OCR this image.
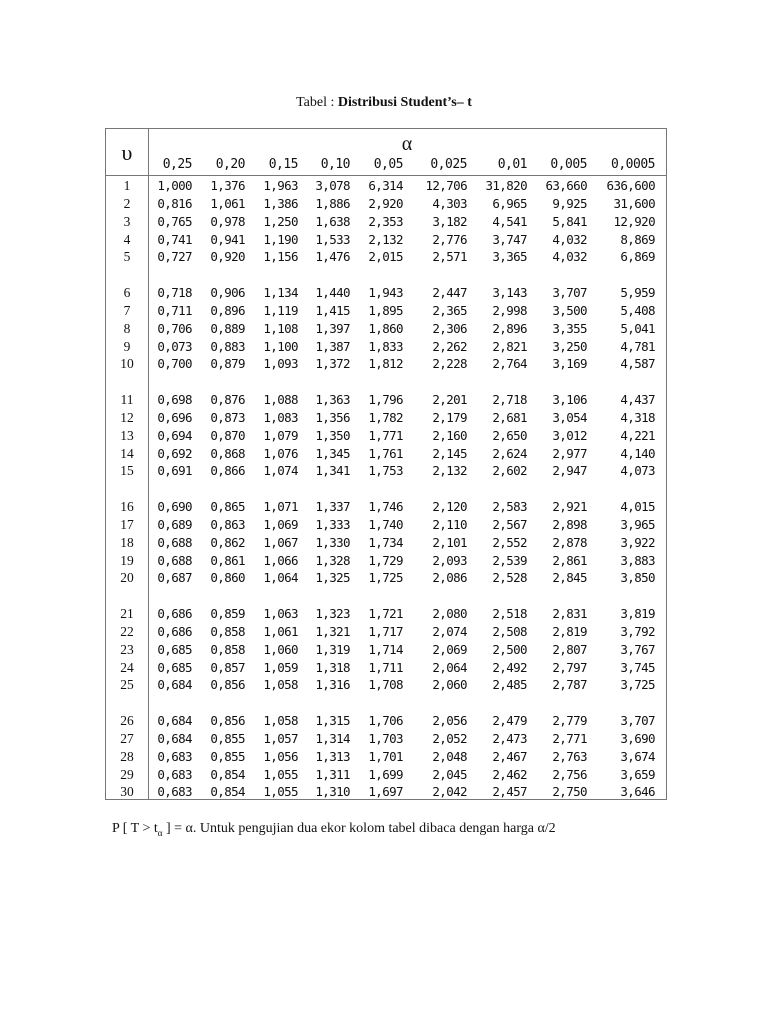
Tabel : Distribusi Student’s– t
υ	α
0,25 0,20 0,15 0,10 0,05 0,025 0,01 0,005 0,0005
1	1,000 1,376 1,963 3,078 6,314 12,706 31,820 63,660 636,600
2	0,816 1,061 1,386 1,886 2,920 4,303 6,965 9,925 31,600
3	0,765 0,978 1,250 1,638 2,353 3,182 4,541 5,841 12,920
4	0,741 0,941 1,190 1,533 2,132 2,776 3,747 4,032	8,869
5	0,727 0,920 1,156 1,476 2,015 2,571 3,365 4,032	6,869
6	0,718 0,906 1,134 1,440 1,943 2,447 3,143 3,707	5,959
7	0,711 0,896 1,119 1,415 1,895 2,365 2,998 3,500	5,408
8	0,706 0,889 1,108 1,397 1,860 2,306 2,896 3,355	5,041
9	0,073 0,883 1,100 1,387 1,833 2,262 2,821 3,250	4,781
10	0,700 0,879 1,093 1,372 1,812 2,228 2,764 3,169	4,587
11	0,698 0,876 1,088 1,363 1,796 2,201 2,718 3,106	4,437
12	0,696 0,873 1,083 1,356 1,782 2,179 2,681 3,054	4,318
13	0,694 0,870 1,079 1,350 1,771 2,160 2,650 3,012	4,221
14	0,692 0,868 1,076 1,345 1,761 2,145 2,624 2,977	4,140
15	0,691 0,866 1,074 1,341 1,753 2,132 2,602 2,947	4,073
16	0,690 0,865 1,071 1,337 1,746 2,120 2,583 2,921	4,015
17	0,689 0,863 1,069 1,333 1,740 2,110 2,567 2,898	3,965
18	0,688 0,862 1,067 1,330 1,734 2,101 2,552 2,878	3,922
19	0,688 0,861 1,066 1,328 1,729 2,093 2,539 2,861	3,883
20	0,687 0,860 1,064 1,325 1,725 2,086 2,528 2,845	3,850
21	0,686 0,859 1,063 1,323 1,721 2,080 2,518 2,831	3,819
22	0,686 0,858 1,061 1,321 1,717 2,074 2,508 2,819	3,792
23	0,685 0,858 1,060 1,319 1,714 2,069 2,500 2,807	3,767
24	0,685 0,857 1,059 1,318 1,711 2,064 2,492 2,797	3,745
25	0,684 0,856 1,058 1,316 1,708 2,060 2,485 2,787	3,725
26	0,684 0,856 1,058 1,315 1,706 2,056 2,479 2,779	3,707
27	0,684 0,855 1,057 1,314 1,703 2,052 2,473 2,771	3,690
28	0,683 0,855 1,056 1,313 1,701 2,048 2,467 2,763	3,674
29	0,683 0,854 1,055 1,311 1,699 2,045 2,462 2,756	3,659
30	0,683 0,854 1,055 1,310 1,697 2,042 2,457 2,750	3,646
P [ $T > t_\alpha$ ] = α. Untuk pengujian dua ekor kolom tabel dibaca dengan harga α/2
